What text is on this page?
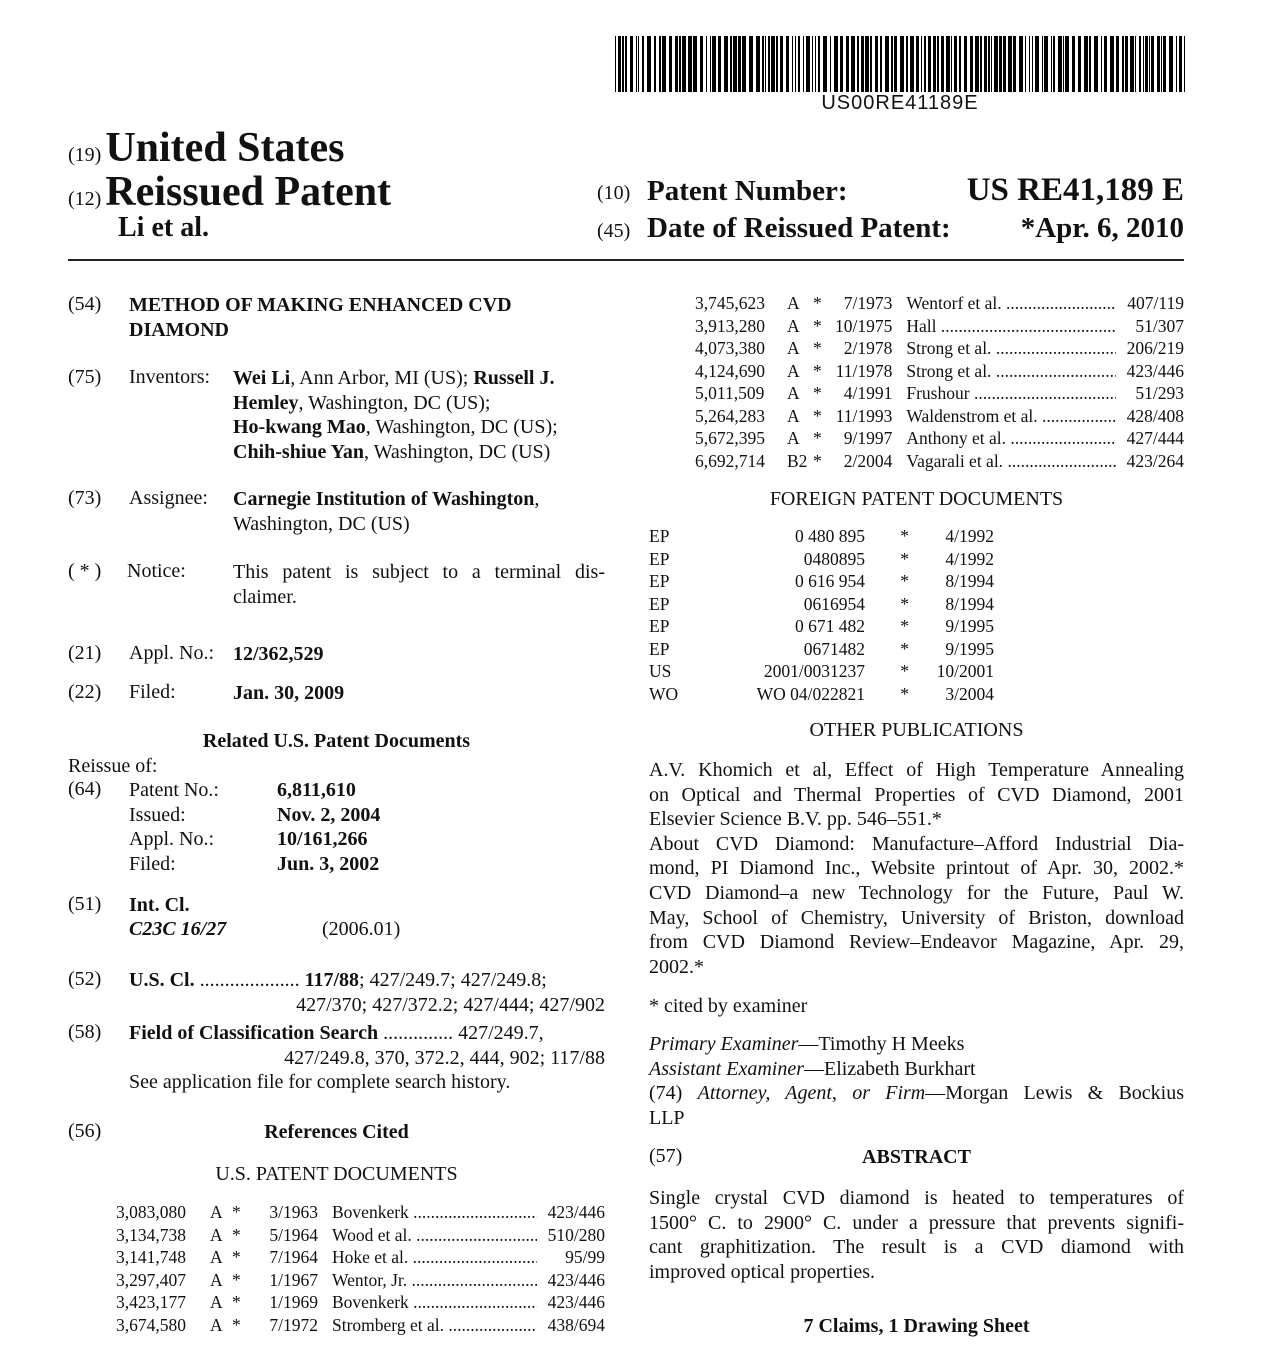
US00RE41189E
(19) United States
(12) Reissued Patent
Li et al.
(10) Patent Number:	US RE41,189 E
(45) Date of Reissued Patent: *Apr. 6, 2010
(54) METHOD OF MAKING ENHANCED CVD
DIAMOND
(75) Inventors: Wei Li, Ann Arbor, MI (US); Russell J.
Hemley, Washington, DC (US);
Ho-kwang Mao, Washington, DC (US);
Chih-shiue Yan, Washington, DC (US)
(73) Assignee: Carnegie Institution of Washington,
Washington, DC (US)
( * ) Notice: This patent is subject to a terminal dis-
claimer.
(21) Appl. No.: 12/362,529
(22) Filed:	Jan. 30, 2009
Related U.S. Patent Documents
Reissue of:
(64) Patent No.:	6,811,610
Issued:	Nov. 2, 2004
Appl. No.:	10/161,266
Filed:	Jun. 3, 2002
(51) Int. Cl.
C23C 16/27	(2006.01)
(52) U.S. Cl. .................... 117/88; 427/249.7; 427/249.8;
427/370; 427/372.2; 427/444; 427/902
(58) Field of Classification Search .............. 427/249.7,
427/249.8, 370, 372.2, 444, 902; 117/88
See application file for complete search history.
(56)	References Cited
U.S. PATENT DOCUMENTS
3,083,080	A	*	3/1963	Bovenkerk .....	423/446
3,134,738	A	*	5/1964	Wood et al. .....	510/280
3,141,748	A	*	7/1964	Hoke et al. .....	95/99
3,297,407	A	*	1/1967	Wentor, Jr. .....	423/446
3,423,177	A	*	1/1969	Bovenkerk .....	423/446
3,674,580	A	*	7/1972	Stromberg et al. .....	438/694
3,745,623	A	*	7/1973	Wentorf et al. .....	407/119
3,913,280	A	*	10/1975	Hall .....	51/307
4,073,380	A	*	2/1978	Strong et al. .....	206/219
4,124,690	A	*	11/1978	Strong et al. .....	423/446
5,011,509	A	*	4/1991	Frushour .....	51/293
5,264,283	A	*	11/1993	Waldenstrom et al. .....	428/408
5,672,395	A	*	9/1997	Anthony et al. .....	427/444
6,692,714	B2	*	2/2004	Vagarali et al. .....	423/264
FOREIGN PATENT DOCUMENTS
EP	0 480 895	*	4/1992
EP	0480895	*	4/1992
EP	0 616 954	*	8/1994
EP	0616954	*	8/1994
EP	0 671 482	*	9/1995
EP	0671482	*	9/1995
US	2001/0031237	*	10/2001
WO	WO 04/022821	*	3/2004
OTHER PUBLICATIONS
A.V. Khomich et al, Effect of High Temperature Annealing
on Optical and Thermal Properties of CVD Diamond, 2001
Elsevier Science B.V. pp. 546–551.*
About CVD Diamond: Manufacture–Afford Industrial Dia-
mond, PI Diamond Inc., Website printout of Apr. 30, 2002.*
CVD Diamond–a new Technology for the Future, Paul W.
May, School of Chemistry, University of Briston, download
from CVD Diamond Review–Endeavor Magazine, Apr. 29,
2002.*
* cited by examiner
Primary Examiner—Timothy H Meeks
Assistant Examiner—Elizabeth Burkhart
(74) Attorney, Agent, or Firm—Morgan Lewis & Bockius
LLP
(57)	ABSTRACT
Single crystal CVD diamond is heated to temperatures of
1500° C. to 2900° C. under a pressure that prevents signifi-
cant graphitization. The result is a CVD diamond with
improved optical properties.
7 Claims, 1 Drawing Sheet
